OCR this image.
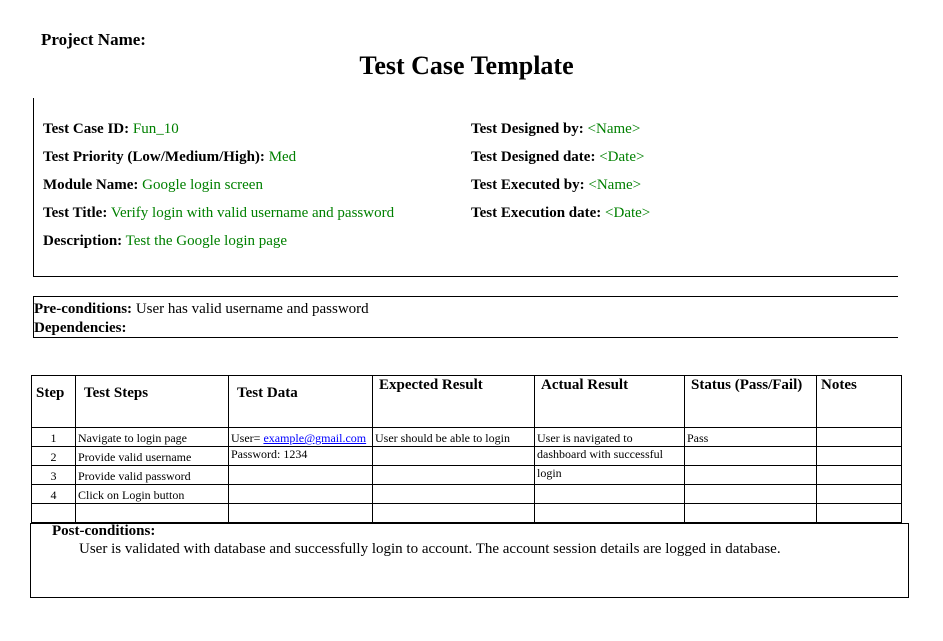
Project Name:
Test Case Template
Test Case ID: Fun_10
Test Priority (Low/Medium/High): Med
Module Name: Google login screen
Test Title: Verify login with valid username and password
Description: Test the Google login page
Test Designed by: <Name>
Test Designed date: <Date>
Test Executed by: <Name>
Test Execution date: <Date>
Pre-conditions: User has valid username and password
Dependencies:
Step	Test Steps	Test Data	Expected Result	Actual Result	Status (Pass/Fail)	Notes

1	Navigate to login page	User= example@gmail.com	User should be able to login	User is navigated to	Pass	
2	Provide valid username	Password: 1234		dashboard with successful		
3	Provide valid password			login		
4	Click on Login button					

Post-conditions:
User is validated with database and successfully login to account. The account session details are logged in database.
